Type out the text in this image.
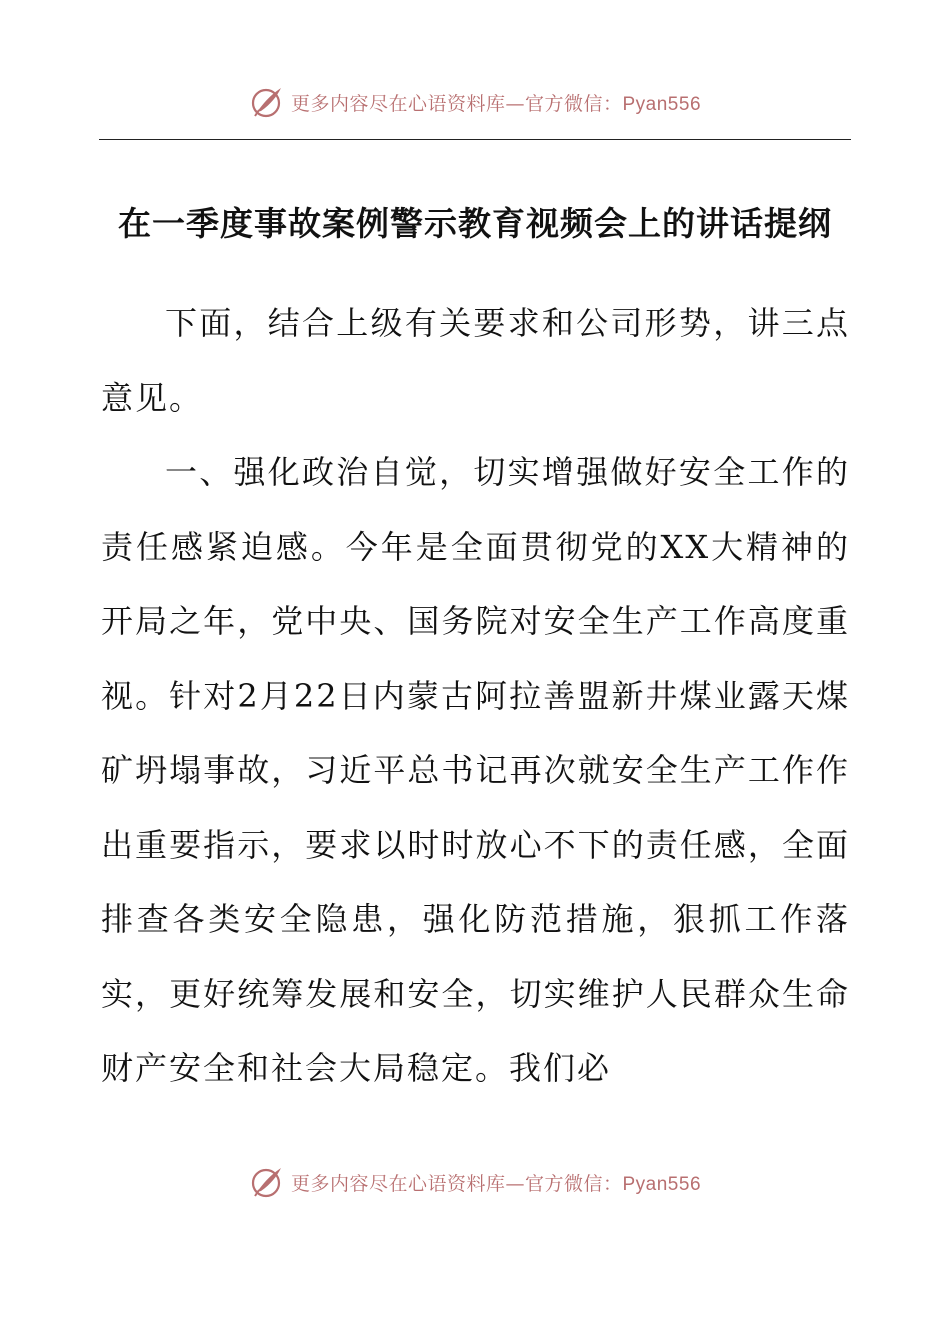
更多内容尽在心语资料库—官方微信：Pyan556
在一季度事故案例警示教育视频会上的讲话提纲

下面，结合上级有关要求和公司形势，讲三点意见。

一、强化政治自觉，切实增强做好安全工作的责任感紧迫感。今年是全面贯彻党的XX大精神的开局之年，党中央、国务院对安全生产工作高度重视。针对2月22日内蒙古阿拉善盟新井煤业露天煤矿坍塌事故，习近平总书记再次就安全生产工作作出重要指示，要求以时时放心不下的责任感，全面排查各类安全隐患，强化防范措施，狠抓工作落实，更好统筹发展和安全，切实维护人民群众生命财产安全和社会大局稳定。我们必

更多内容尽在心语资料库—官方微信：Pyan556
